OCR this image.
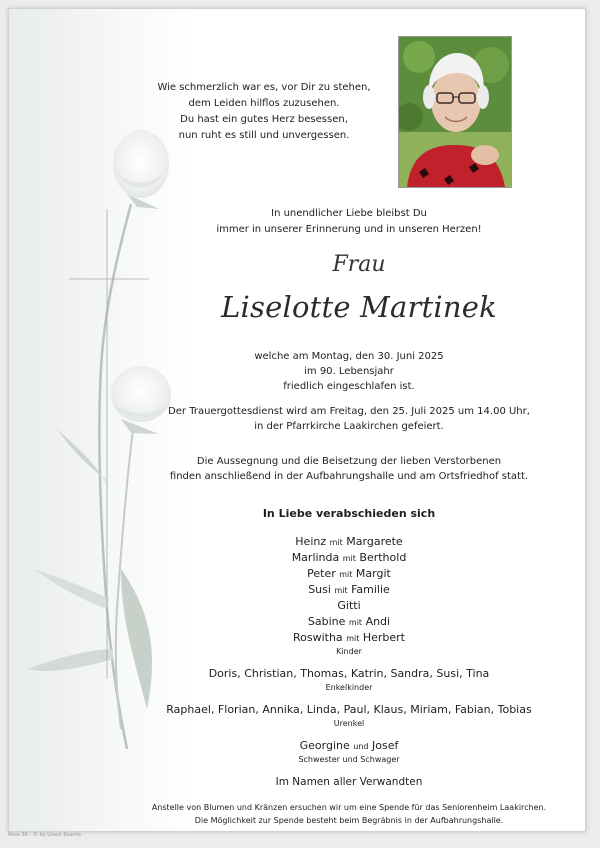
Wie schmerzlich war es, vor Dir zu stehen,
dem Leiden hilflos zuzusehen.
Du hast ein gutes Herz besessen,
nun ruht es still und unvergessen.
In unendlicher Liebe bleibst Du
immer in unserer Erinnerung und in unseren Herzen!
Frau
Liselotte Martinek
welche am Montag, den 30. Juni 2025
im 90. Lebensjahr
friedlich eingeschlafen ist.
Der Trauergottesdienst wird am Freitag, den 25. Juli 2025 um 14.00 Uhr,
in der Pfarrkirche Laakirchen gefeiert.
Die Aussegnung und die Beisetzung der lieben Verstorbenen
finden anschließend in der Aufbahrungshalle und am Ortsfriedhof statt.
In Liebe verabschieden sich
Heinz mit Margarete
Marlinda mit Berthold
Peter mit Margit
Susi mit Familie
Gitti
Sabine mit Andi
Roswitha mit Herbert
Kinder
Doris, Christian, Thomas, Katrin, Sandra, Susi, Tina
Enkelkinder
Raphael, Florian, Annika, Linda, Paul, Klaus, Miriam, Fabian, Tobias
Urenkel
Georgine und Josef
Schwester und Schwager
Im Namen aller Verwandten
Anstelle von Blumen und Kränzen ersuchen wir um eine Spende für das Seniorenheim Laakirchen.
Die Möglichkeit zur Spende besteht beim Begräbnis in der Aufbahrungshalle.
Rose 56 - © by Lilach Kuanta
